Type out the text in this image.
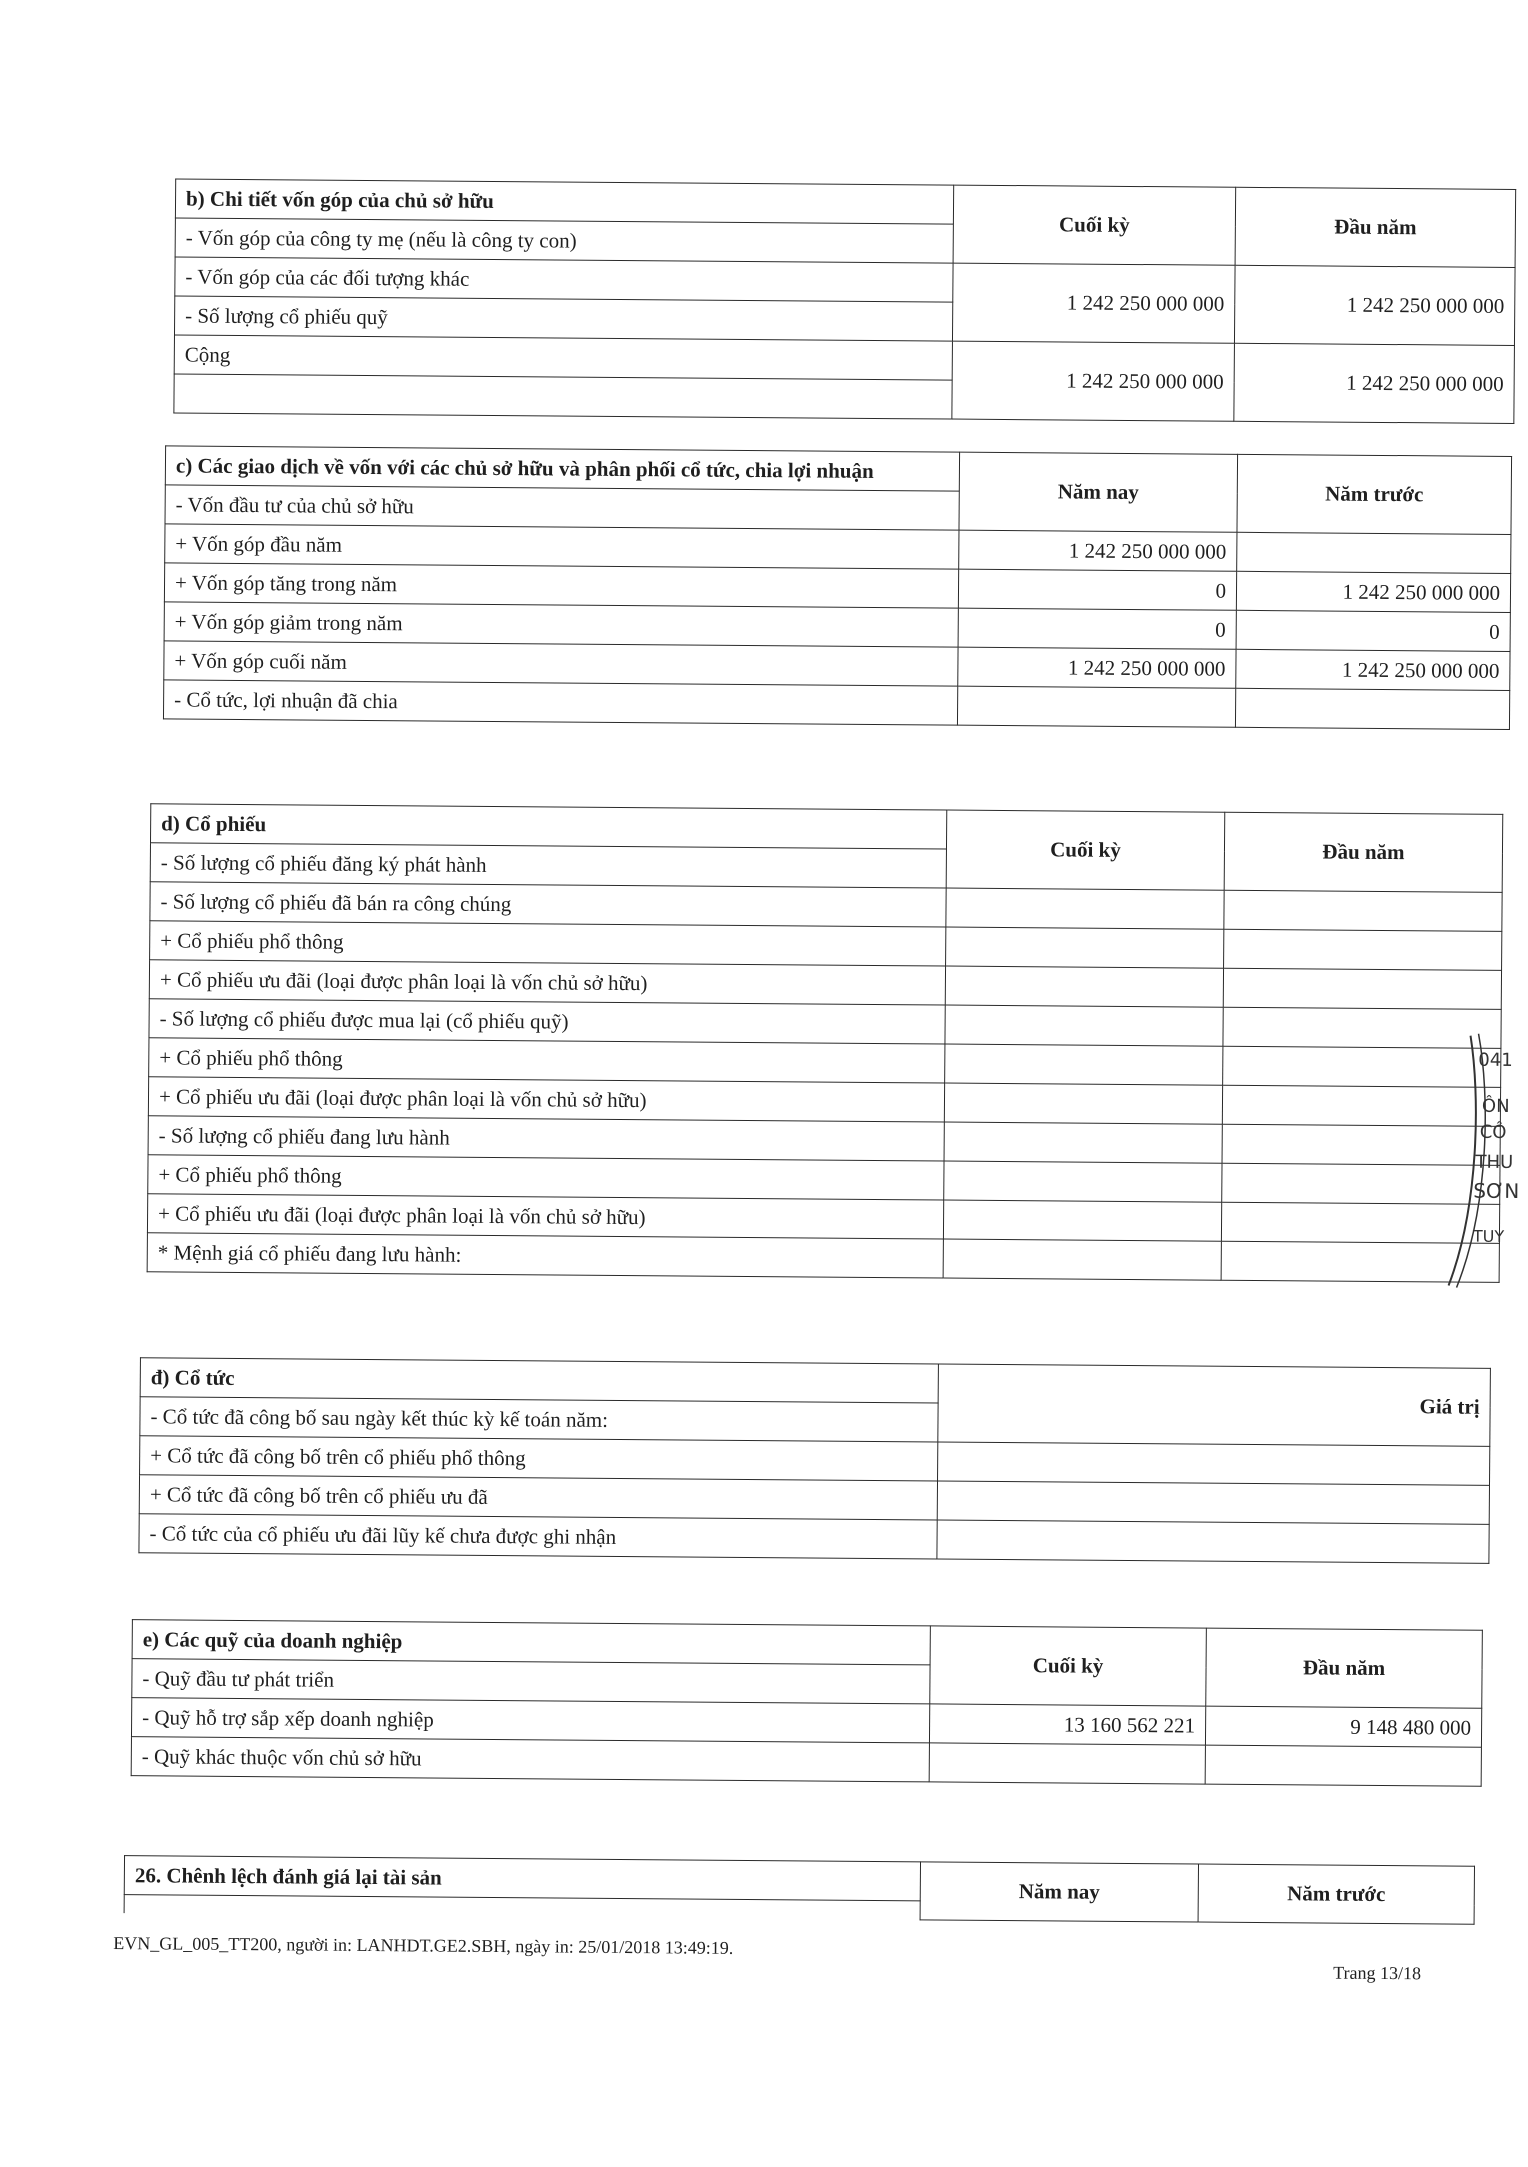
b) Chi tiết vốn góp của chủ sở hữu	Cuối kỳ	Đầu năm
- Vốn góp của công ty mẹ (nếu là công ty con)		
- Vốn góp của các đối tượng khác	1 242 250 000 000	1 242 250 000 000
- Số lượng cổ phiếu quỹ		
Cộng	1 242 250 000 000	1 242 250 000 000

c) Các giao dịch về vốn với các chủ sở hữu và phân phối cổ tức, chia lợi nhuận	Năm nay	Năm trước
- Vốn đầu tư của chủ sở hữu		
+ Vốn góp đầu năm	1 242 250 000 000	
+ Vốn góp tăng trong năm	0	1 242 250 000 000
+ Vốn góp giảm trong năm	0	0
+ Vốn góp cuối năm	1 242 250 000 000	1 242 250 000 000
- Cổ tức, lợi nhuận đã chia		
d) Cổ phiếu	Cuối kỳ	Đầu năm
- Số lượng cổ phiếu đăng ký phát hành		
- Số lượng cổ phiếu đã bán ra công chúng		
+ Cổ phiếu phổ thông		
+ Cổ phiếu ưu đãi (loại được phân loại là vốn chủ sở hữu)		
- Số lượng cổ phiếu được mua lại (cổ phiếu quỹ)		
+ Cổ phiếu phổ thông		
+ Cổ phiếu ưu đãi (loại được phân loại là vốn chủ sở hữu)		
- Số lượng cổ phiếu đang lưu hành		
+ Cổ phiếu phổ thông		
+ Cổ phiếu ưu đãi (loại được phân loại là vốn chủ sở hữu)		
* Mệnh giá cổ phiếu đang lưu hành:		
đ) Cổ tức	Giá trị
- Cổ tức đã công bố sau ngày kết thúc kỳ kế toán năm:	
+ Cổ tức đã công bố trên cổ phiếu phổ thông	
+ Cổ tức đã công bố trên cổ phiếu ưu đã	
- Cổ tức của cổ phiếu ưu đãi lũy kế chưa được ghi nhận	
e) Các quỹ của doanh nghiệp	Cuối kỳ	Đầu năm
- Quỹ đầu tư phát triển		
- Quỹ hỗ trợ sắp xếp doanh nghiệp	13 160 562 221	9 148 480 000
- Quỹ khác thuộc vốn chủ sở hữu		
26. Chênh lệch đánh giá lại tài sản	Năm nay	Năm trước

EVN_GL_005_TT200, người in: LANHDT.GE2.SBH, ngày in: 25/01/2018 13:49:19.
Trang 13/18
041
ÔN
CÔ
THU
SƠN
TUY
